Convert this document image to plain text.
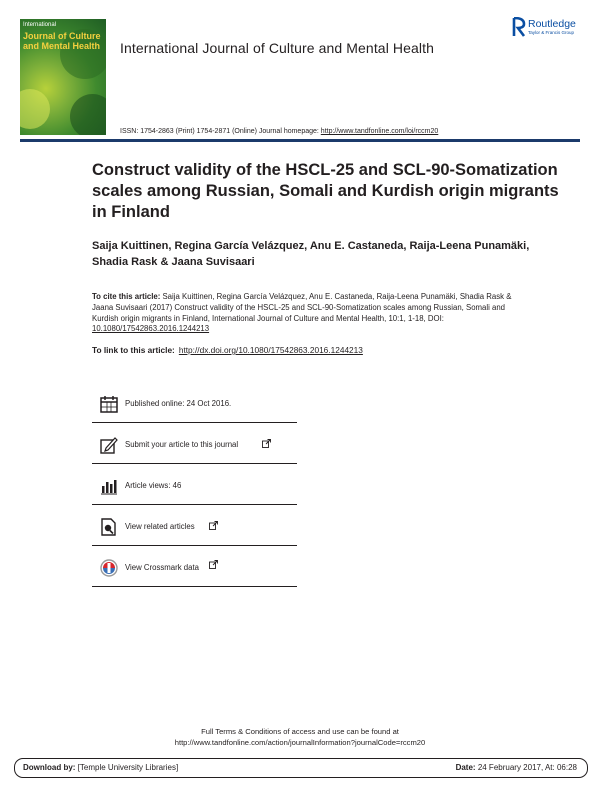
International
Journal of Culture and Mental Health	International Journal of Culture and Mental Health
Routledge
Taylor & Francis Group
ISSN: 1754-2863 (Print) 1754-2871 (Online) Journal homepage: http://www.tandfonline.com/loi/rccm20
Construct validity of the HSCL-25 and SCL-90-Somatization scales among Russian, Somali and Kurdish origin migrants in Finland
Saija Kuittinen, Regina García Velázquez, Anu E. Castaneda, Raija-Leena Punamäki, Shadia Rask & Jaana Suvisaari
To cite this article: Saija Kuittinen, Regina García Velázquez, Anu E. Castaneda, Raija-Leena Punamäki, Shadia Rask & Jaana Suvisaari (2017) Construct validity of the HSCL-25 and SCL-90-Somatization scales among Russian, Somali and Kurdish origin migrants in Finland, International Journal of Culture and Mental Health, 10:1, 1-18, DOI: 10.1080/17542863.2016.1244213
To link to this article: http://dx.doi.org/10.1080/17542863.2016.1244213
Published online: 24 Oct 2016.
Submit your article to this journal
Article views: 46
View related articles
View Crossmark data
Full Terms & Conditions of access and use can be found at
http://www.tandfonline.com/action/journalInformation?journalCode=rccm20
Download by: [Temple University Libraries]	Date: 24 February 2017, At: 06:28
